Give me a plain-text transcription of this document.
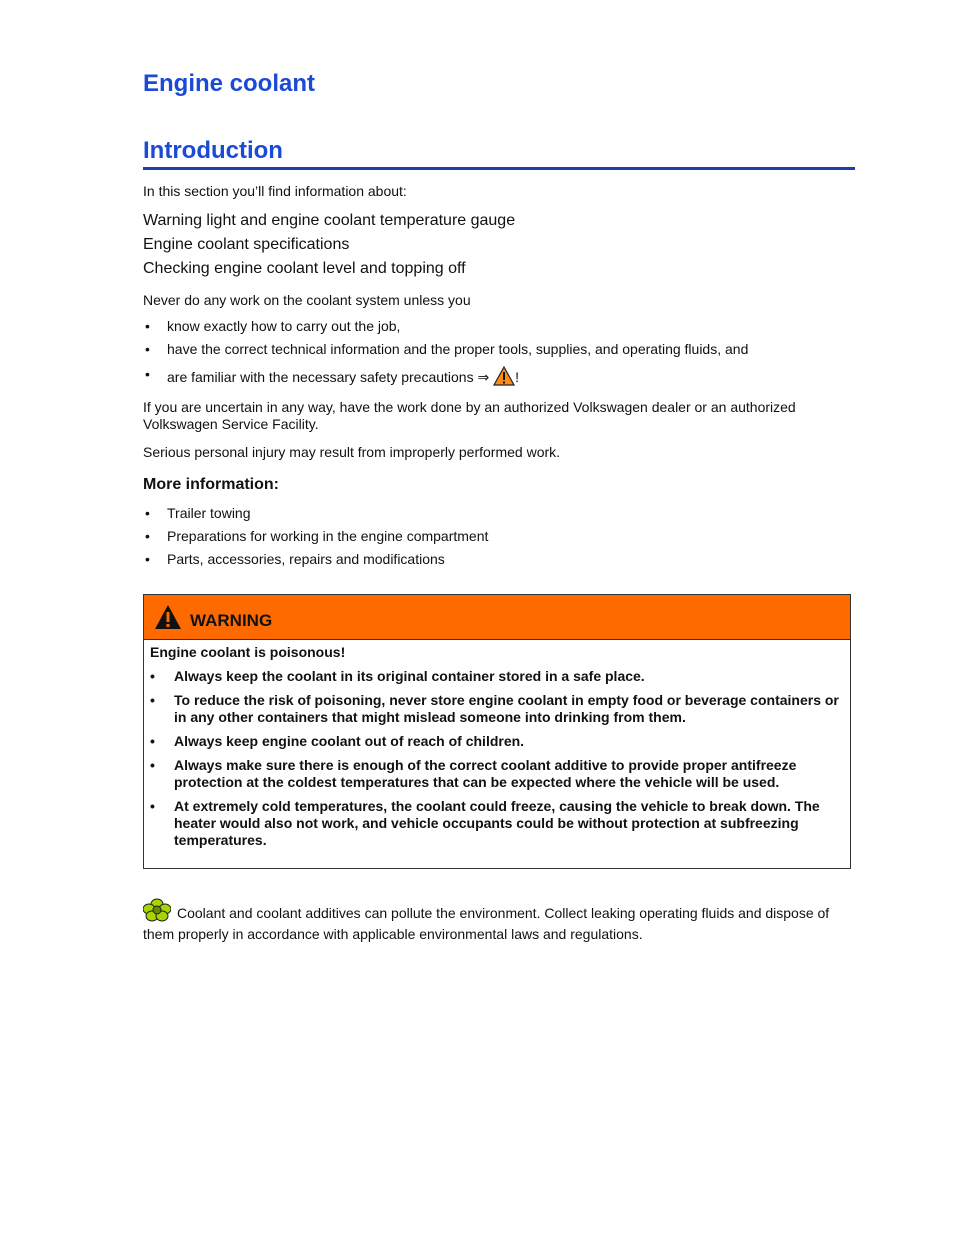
Engine coolant
Introduction
In this section you’ll find information about:
Warning light and engine coolant temperature gauge
Engine coolant specifications
Checking engine coolant level and topping off
Never do any work on the coolant system unless you
• know exactly how to carry out the job,
• have the correct technical information and the proper tools, supplies, and operating fluids, and
• are familiar with the necessary safety precautions ⇒ !
If you are uncertain in any way, have the work done by an authorized Volkswagen dealer or an authorized Volkswagen Service Facility.
Serious personal injury may result from improperly performed work.
More information:
• Trailer towing
• Preparations for working in the engine compartment
• Parts, accessories, repairs and modifications
WARNING

Engine coolant is poisonous!

• Always keep the coolant in its original container stored in a safe place.

• To reduce the risk of poisoning, never store engine coolant in empty food or beverage containers or in any other containers that might mislead someone into drinking from them.

• Always keep engine coolant out of reach of children.

• Always make sure there is enough of the correct coolant additive to provide proper antifreeze protection at the coldest temperatures that can be expected where the vehicle will be used.

• At extremely cold temperatures, the coolant could freeze, causing the vehicle to break down. The heater would also not work, and vehicle occupants could be without protection at subfreezing temperatures.

Coolant and coolant additives can pollute the environment. Collect leaking operating fluids and dispose of them properly in accordance with applicable environmental laws and regulations.
